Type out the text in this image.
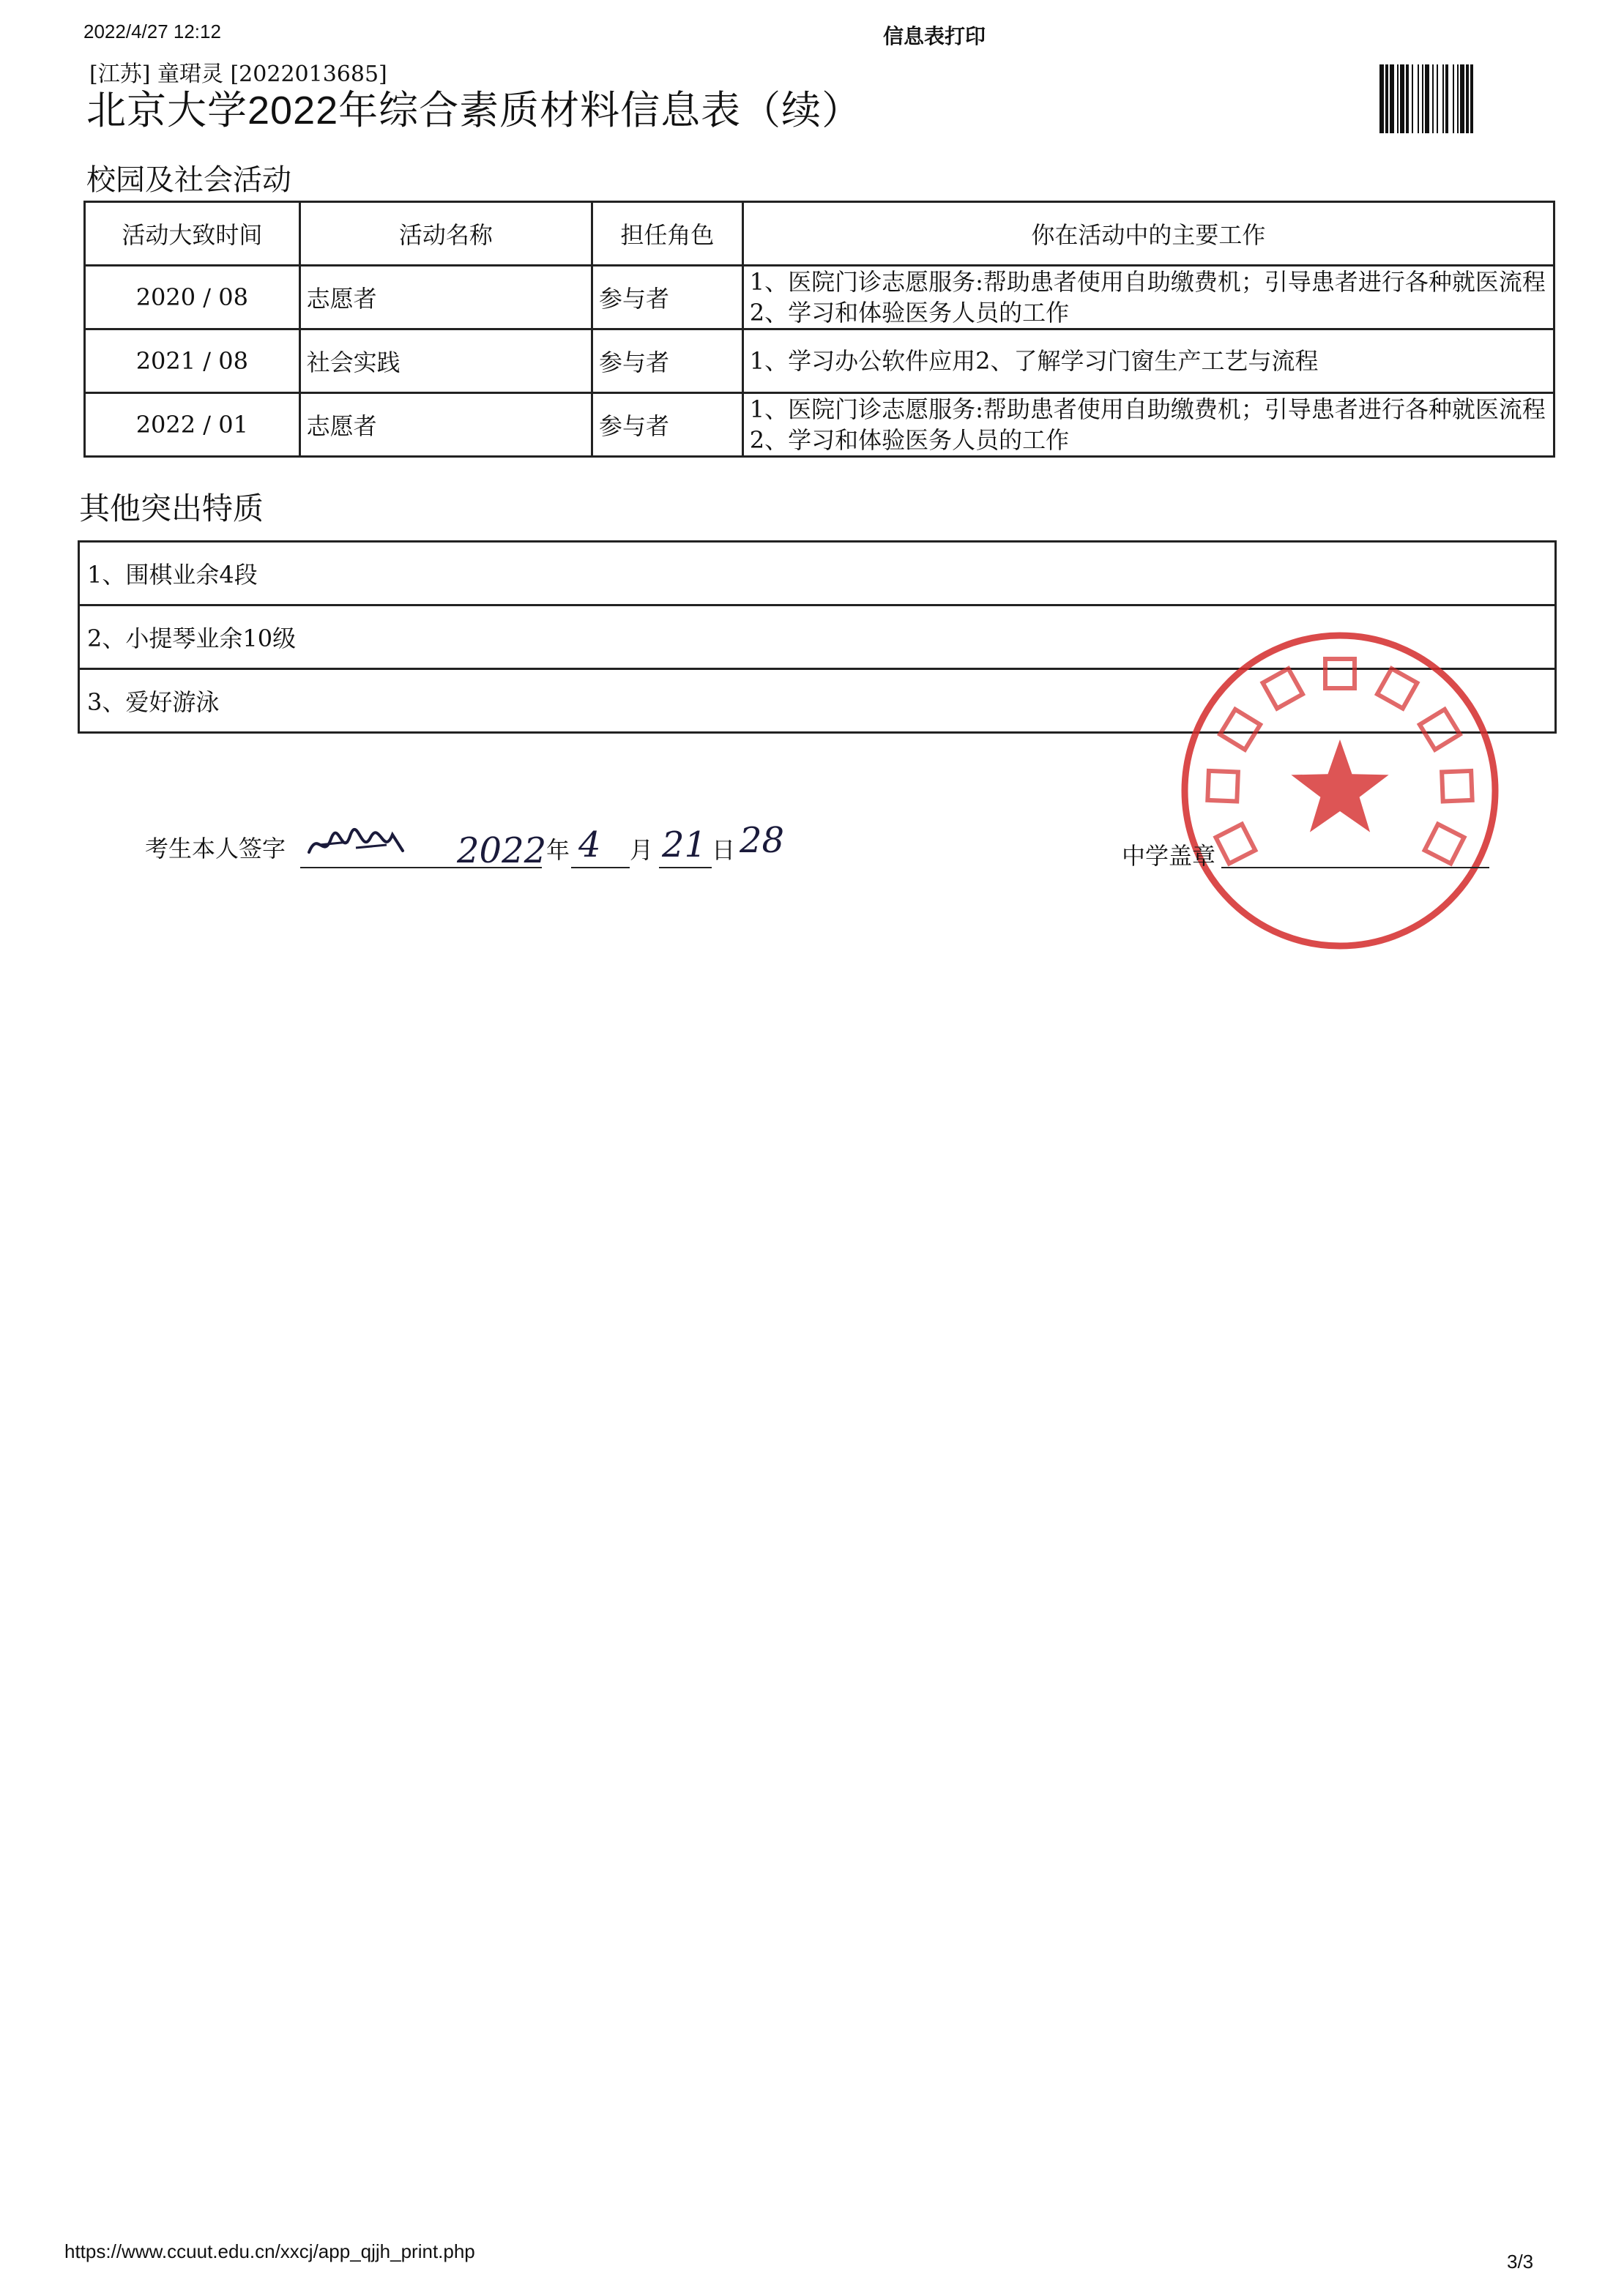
2022/4/27 12:12	信息表打印
[江苏] 童珺灵 [2022013685]
北京大学2022年综合素质材料信息表（续）
校园及社会活动
活动大致时间	活动名称	担任角色	你在活动中的主要工作
2020 / 08	志愿者	参与者	1、医院门诊志愿服务:帮助患者使用自助缴费机；引导患者进行各种就医流程2、学习和体验医务人员的工作
2021 / 08	社会实践	参与者	1、学习办公软件应用2、了解学习门窗生产工艺与流程
2022 / 01	志愿者	参与者	1、医院门诊志愿服务:帮助患者使用自助缴费机；引导患者进行各种就医流程2、学习和体验医务人员的工作
其他突出特质
1、围棋业余4段
2、小提琴业余10级
3、爱好游泳
考生本人签字	2022 年 4 月 21 日 28	中学盖章
https://www.ccuut.edu.cn/xxcj/app_qjjh_print.php	3/3
